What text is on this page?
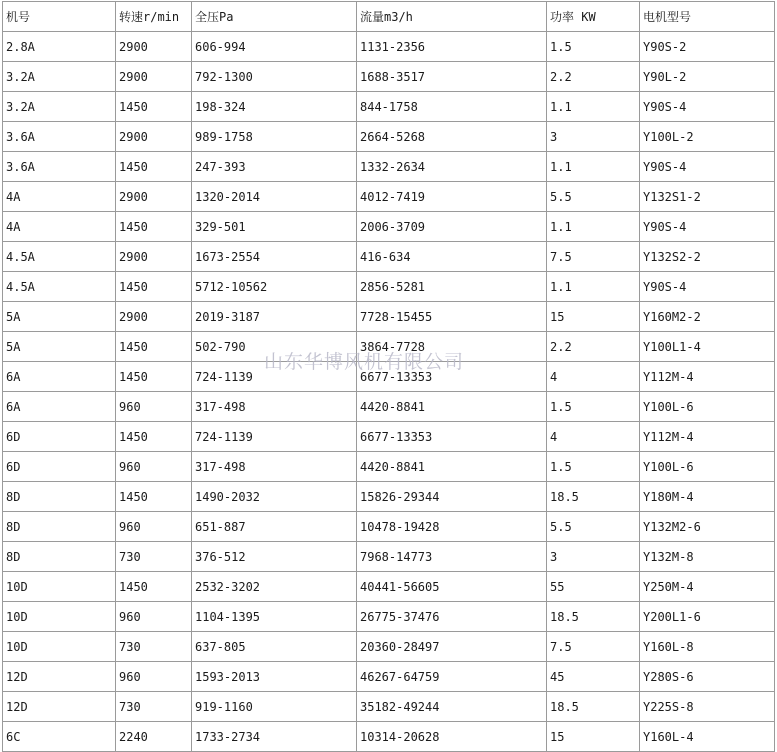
机号	转速r/min	全压Pa	流量m3/h	功率 KW	电机型号
2.8A	2900	606-994	1131-2356	1.5	Y90S-2
3.2A	2900	792-1300	1688-3517	2.2	Y90L-2
3.2A	1450	198-324	844-1758	1.1	Y90S-4
3.6A	2900	989-1758	2664-5268	3	Y100L-2
3.6A	1450	247-393	1332-2634	1.1	Y90S-4
4A	2900	1320-2014	4012-7419	5.5	Y132S1-2
4A	1450	329-501	2006-3709	1.1	Y90S-4
4.5A	2900	1673-2554	416-634	7.5	Y132S2-2
4.5A	1450	5712-10562	2856-5281	1.1	Y90S-4
5A	2900	2019-3187	7728-15455	15	Y160M2-2
5A	1450	502-790	3864-7728	2.2	Y100L1-4
6A	1450	724-1139	6677-13353	4	Y112M-4
6A	960	317-498	4420-8841	1.5	Y100L-6
6D	1450	724-1139	6677-13353	4	Y112M-4
6D	960	317-498	4420-8841	1.5	Y100L-6
8D	1450	1490-2032	15826-29344	18.5	Y180M-4
8D	960	651-887	10478-19428	5.5	Y132M2-6
8D	730	376-512	7968-14773	3	Y132M-8
10D	1450	2532-3202	40441-56605	55	Y250M-4
10D	960	1104-1395	26775-37476	18.5	Y200L1-6
10D	730	637-805	20360-28497	7.5	Y160L-8
12D	960	1593-2013	46267-64759	45	Y280S-6
12D	730	919-1160	35182-49244	18.5	Y225S-8
6C	2240	1733-2734	10314-20628	15	Y160L-4
山东华博风机有限公司
